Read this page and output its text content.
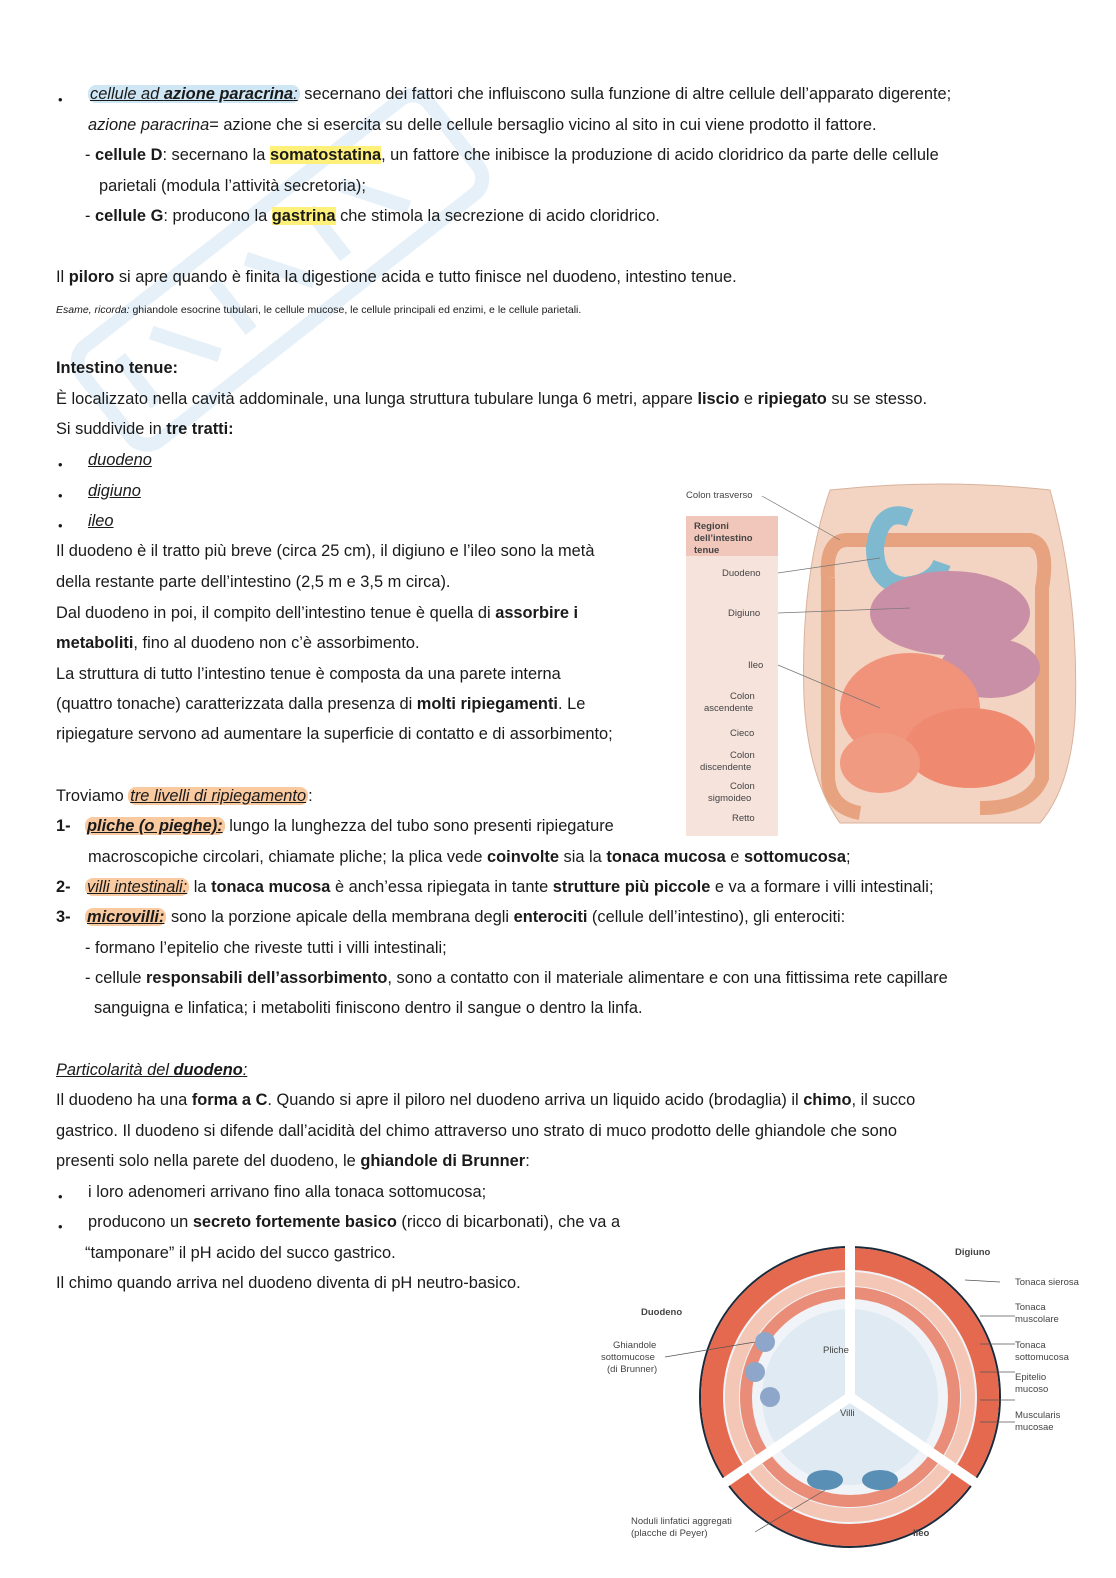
• cellule ad azione paracrina: secernano dei fattori che influiscono sulla funzione di altre cellule dell’apparato digerente;
azione paracrina= azione che si esercita su delle cellule bersaglio vicino al sito in cui viene prodotto il fattore.
- cellule D: secernano la somatostatina, un fattore che inibisce la produzione di acido cloridrico da parte delle cellule
parietali (modula l’attività secretoria);
- cellule G: producono la gastrina che stimola la secrezione di acido cloridrico.
Il piloro si apre quando è finita la digestione acida e tutto finisce nel duodeno, intestino tenue.
Esame, ricorda: ghiandole esocrine tubulari, le cellule mucose, le cellule principali ed enzimi, e le cellule parietali.
Intestino tenue:
È localizzato nella cavità addominale, una lunga struttura tubulare lunga 6 metri, appare liscio e ripiegato su se stesso.
Si suddivide in tre tratti:
• duodeno
• digiuno
• ileo
Il duodeno è il tratto più breve (circa 25 cm), il digiuno e l’ileo sono la metà
della restante parte dell’intestino (2,5 m e 3,5 m circa).
Dal duodeno in poi, il compito dell’intestino tenue è quella di assorbire i
metaboliti, fino al duodeno non c’è assorbimento.
La struttura di tutto l’intestino tenue è composta da una parete interna
(quattro tonache) caratterizzata dalla presenza di molti ripiegamenti. Le
ripiegature servono ad aumentare la superficie di contatto e di assorbimento;
Troviamo tre livelli di ripiegamento :
1- pliche (o pieghe): lungo la lunghezza del tubo sono presenti ripiegature
macroscopiche circolari, chiamate pliche; la plica vede coinvolte sia la tonaca mucosa e sottomucosa;
2- villi intestinali: la tonaca mucosa è anch’essa ripiegata in tante strutture più piccole e va a formare i villi intestinali;
3- microvilli: sono la porzione apicale della membrana degli enterociti (cellule dell’intestino), gli enterociti:
- formano l’epitelio che riveste tutti i villi intestinali;
- cellule responsabili dell’assorbimento, sono a contatto con il materiale alimentare e con una fittissima rete capillare
sanguigna e linfatica; i metaboliti finiscono dentro il sangue o dentro la linfa.
Particolarità del duodeno:
Il duodeno ha una forma a C. Quando si apre il piloro nel duodeno arriva un liquido acido (brodaglia) il chimo, il succo
gastrico. Il duodeno si difende dall’acidità del chimo attraverso uno strato di muco prodotto delle ghiandole che sono
presenti solo nella parete del duodeno, le ghiandole di Brunner:
• i loro adenomeri arrivano fino alla tonaca sottomucosa;
• producono un secreto fortemente basico (ricco di bicarbonati), che va a
“tamponare” il pH acido del succo gastrico.
Il chimo quando arriva nel duodeno diventa di pH neutro-basico.
Colon trasverso
Regioni
dell’intestino
tenue
Duodeno
Digiuno
Ileo
Colon
ascendente
Cieco
Colon
discendente
Colon
sigmoideo
Retto
Digiuno
Tonaca sierosa
Tonaca
muscolare
Tonaca
sottomucosa
Epitelio
mucoso
Muscularis
mucosae
Duodeno
Ghiandole
sottomucose
(di Brunner)
Pliche
Villi
Noduli linfatici aggregati
(placche di Peyer)	Ileo
